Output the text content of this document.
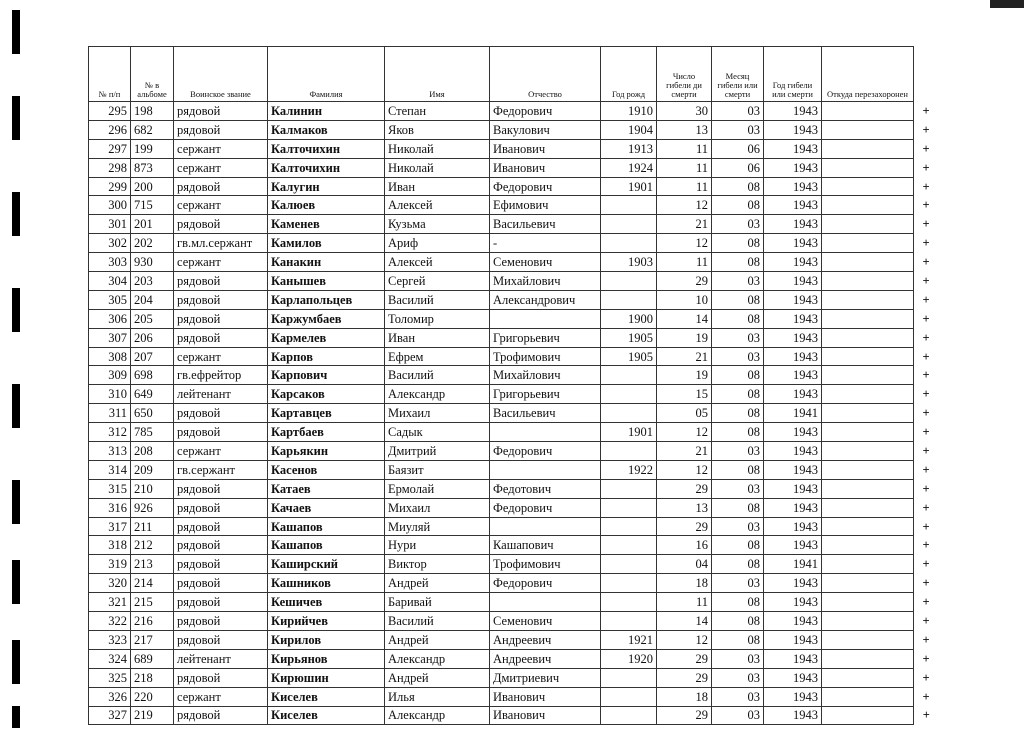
№ п/п	№ в альбоме	Воинское звание	Фамилия	Имя	Отчество	Год рожд	Число гибели ди смерти	Месяц гибели или смерти	Год гибели или смерти	Откуда перезахоронен	
295	198	рядовой	Калинин	Степан	Федорович	1910	30	03	1943		+
296	682	рядовой	Калмаков	Яков	Вакулович	1904	13	03	1943		+
297	199	сержант	Калточихин	Николай	Иванович	1913	11	06	1943		+
298	873	сержант	Калточихин	Николай	Иванович	1924	11	06	1943		+
299	200	рядовой	Калугин	Иван	Федорович	1901	11	08	1943		+
300	715	сержант	Калюев	Алексей	Ефимович		12	08	1943		+
301	201	рядовой	Каменев	Кузьма	Васильевич		21	03	1943		+
302	202	гв.мл.сержант	Камилов	Ариф	-		12	08	1943		+
303	930	сержант	Канакин	Алексей	Семенович	1903	11	08	1943		+
304	203	рядовой	Канышев	Сергей	Михайлович		29	03	1943		+
305	204	рядовой	Карлапольцев	Василий	Александрович		10	08	1943		+
306	205	рядовой	Каржумбаев	Толомир		1900	14	08	1943		+
307	206	рядовой	Кармелев	Иван	Григорьевич	1905	19	03	1943		+
308	207	сержант	Карпов	Ефрем	Трофимович	1905	21	03	1943		+
309	698	гв.ефрейтор	Карпович	Василий	Михайлович		19	08	1943		+
310	649	лейтенант	Карсаков	Александр	Григорьевич		15	08	1943		+
311	650	рядовой	Картавцев	Михаил	Васильевич		05	08	1941		+
312	785	рядовой	Картбаев	Садык		1901	12	08	1943		+
313	208	сержант	Карьякин	Дмитрий	Федорович		21	03	1943		+
314	209	гв.сержант	Касенов	Баязит		1922	12	08	1943		+
315	210	рядовой	Катаев	Ермолай	Федотович		29	03	1943		+
316	926	рядовой	Качаев	Михаил	Федорович		13	08	1943		+
317	211	рядовой	Кашапов	Миуляй			29	03	1943		+
318	212	рядовой	Кашапов	Нури	Кашапович		16	08	1943		+
319	213	рядовой	Каширский	Виктор	Трофимович		04	08	1941		+
320	214	рядовой	Кашников	Андрей	Федорович		18	03	1943		+
321	215	рядовой	Кешичев	Баривай			11	08	1943		+
322	216	рядовой	Кирийчев	Василий	Семенович		14	08	1943		+
323	217	рядовой	Кирилов	Андрей	Андреевич	1921	12	08	1943		+
324	689	лейтенант	Кирьянов	Александр	Андреевич	1920	29	03	1943		+
325	218	рядовой	Кирюшин	Андрей	Дмитриевич		29	03	1943		+
326	220	сержант	Киселев	Илья	Иванович		18	03	1943		+
327	219	рядовой	Киселев	Александр	Иванович		29	03	1943		+
